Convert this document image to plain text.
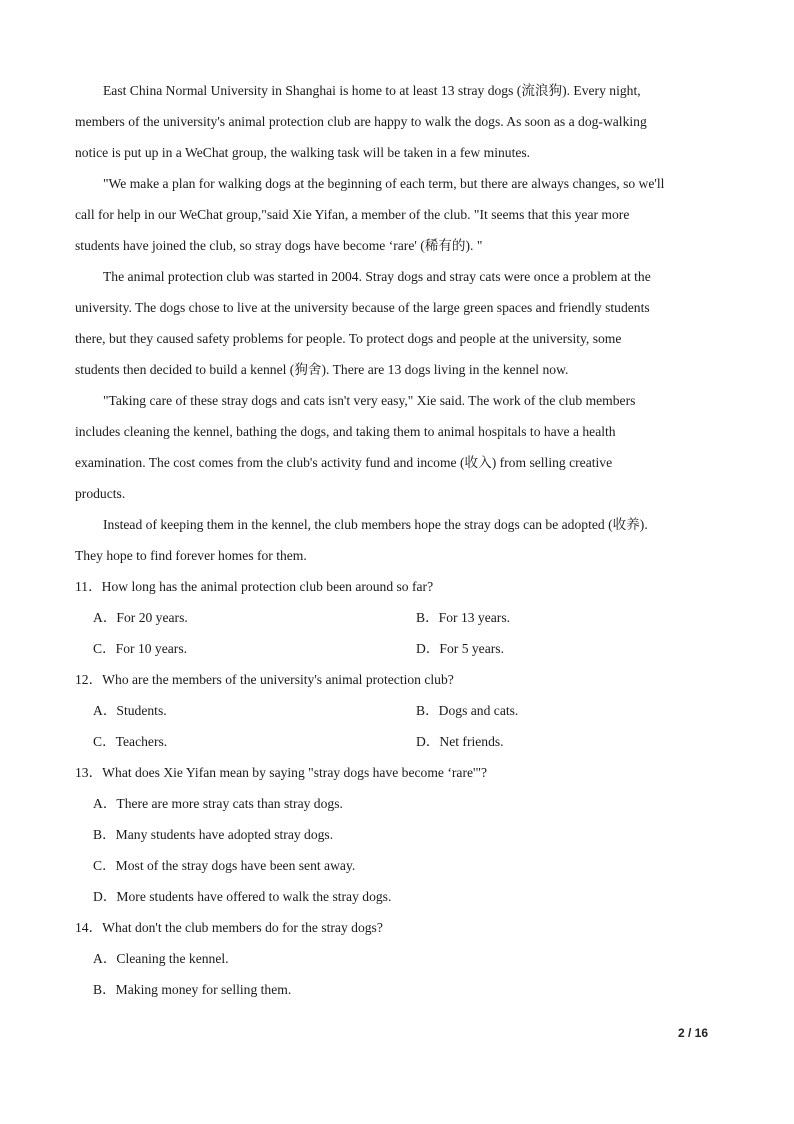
East China Normal University in Shanghai is home to at least 13 stray dogs (流浪狗). Every night,
members of the university's animal protection club are happy to walk the dogs. As soon as a dog-walking
notice is put up in a WeChat group, the walking task will be taken in a few minutes.
"We make a plan for walking dogs at the beginning of each term, but there are always changes, so we'll
call for help in our WeChat group,"said Xie Yifan, a member of the club. "It seems that this year more
students have joined the club, so stray dogs have become ‘rare' (稀有的). "
The animal protection club was started in 2004. Stray dogs and stray cats were once a problem at the
university. The dogs chose to live at the university because of the large green spaces and friendly students
there, but they caused safety problems for people. To protect dogs and people at the university, some
students then decided to build a kennel (狗舍). There are 13 dogs living in the kennel now.
"Taking care of these stray dogs and cats isn't very easy," Xie said. The work of the club members
includes cleaning the kennel, bathing the dogs, and taking them to animal hospitals to have a health
examination. The cost comes from the club's activity fund and income (收入) from selling creative
products.
Instead of keeping them in the kennel, the club members hope the stray dogs can be adopted (收养).
They hope to find forever homes for them.
11．How long has the animal protection club been around so far?
A．For 20 years.	B．For 13 years.
C．For 10 years.	D．For 5 years.
12．Who are the members of the university's animal protection club?
A．Students.	B．Dogs and cats.
C．Teachers.	D．Net friends.
13．What does Xie Yifan mean by saying "stray dogs have become ‘rare'"?
A．There are more stray cats than stray dogs.
B．Many students have adopted stray dogs.
C．Most of the stray dogs have been sent away.
D．More students have offered to walk the stray dogs.
14．What don't the club members do for the stray dogs?
A．Cleaning the kennel.
B．Making money for selling them.
2 / 16
